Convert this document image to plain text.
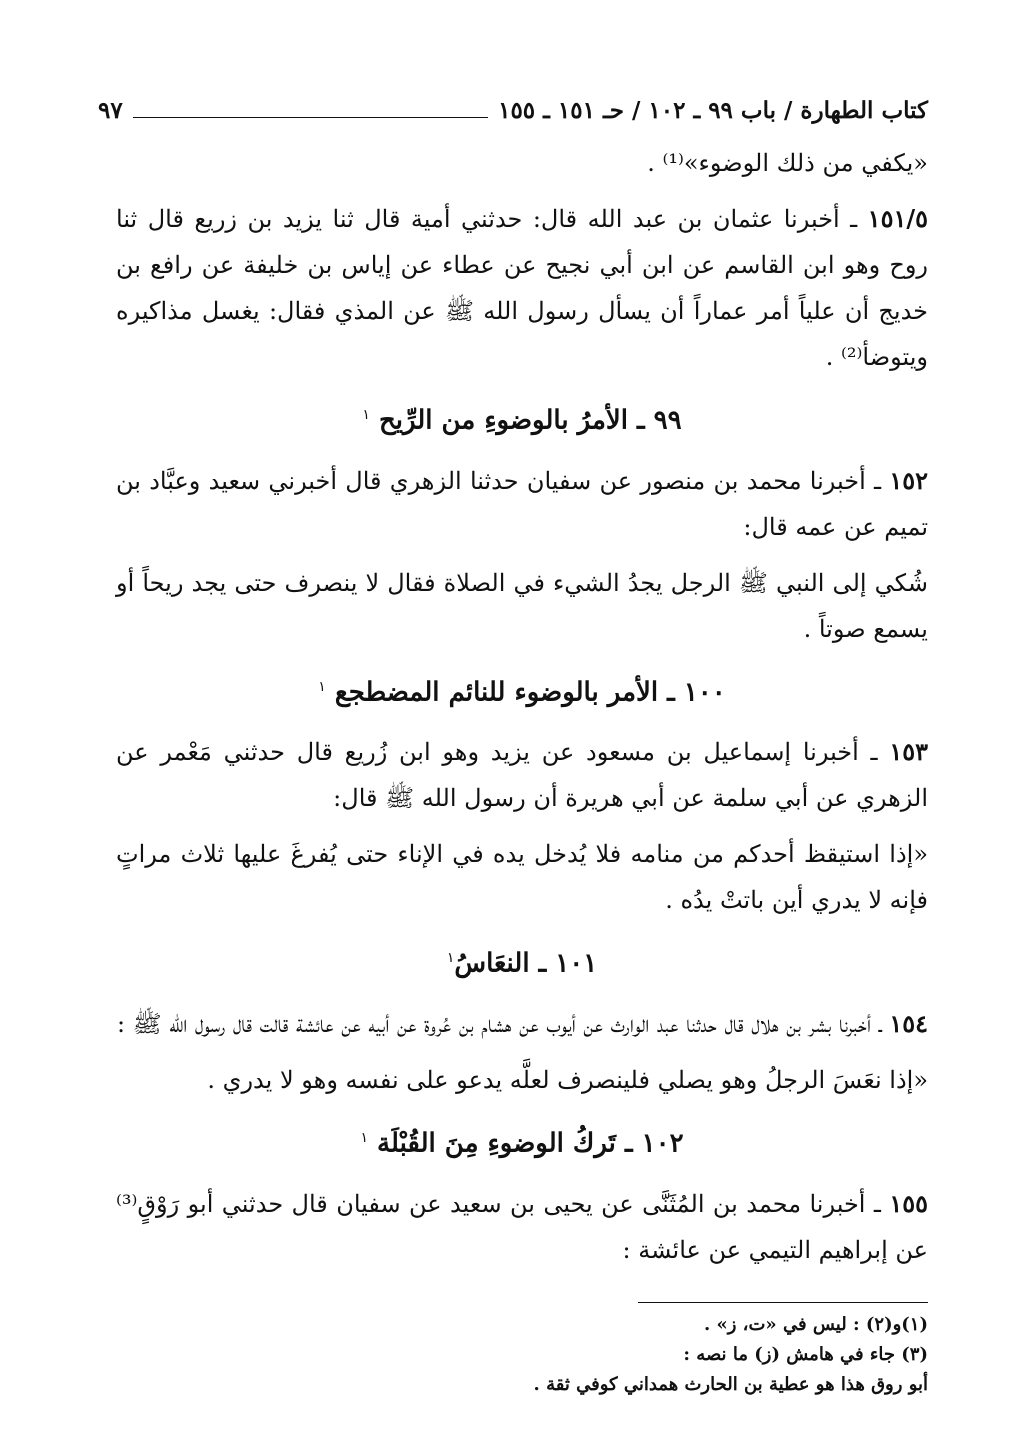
كتاب الطهارة / باب ٩٩ ـ ١٠٢ / حـ ١٥١ ـ ١٥٥
٩٧

«يكفي من ذلك الوضوء»⁽¹⁾ .

١٥١/٥ ـ أخبرنا عثمان بن عبد الله قال: حدثني أمية قال ثنا يزيد بن زريع قال ثنا روح وهو ابن القاسم عن ابن أبي نجيح عن عطاء عن إياس بن خليفة عن رافع بن خديج أن علياً أمر عماراً أن يسأل رسول الله ﷺ عن المذي فقال: يغسل مذاكيره ويتوضأ⁽²⁾ .

٩٩ ـ الأمرُ بالوضوءِ من الرِّيح $^١$

١٥٢ ـ أخبرنا محمد بن منصور عن سفيان حدثنا الزهري قال أخبرني سعيد وعبَّاد بن تميم عن عمه قال:

شُكي إلى النبي ﷺ الرجل يجدُ الشيء في الصلاة فقال لا ينصرف حتى يجد ريحاً أو يسمع صوتاً .

١٠٠ ـ الأمر بالوضوء للنائم المضطجع $^١$

١٥٣ ـ أخبرنا إسماعيل بن مسعود عن يزيد وهو ابن زُريع قال حدثني مَعْمر عن الزهري عن أبي سلمة عن أبي هريرة أن رسول الله ﷺ قال:

«إذا استيقظ أحدكم من منامه فلا يُدخل يده في الإناء حتى يُفرغَ عليها ثلاث مراتٍ فإنه لا يدري أين باتتْ يدُه .

١٠١ ـ النعَاسُ$^١$

١٥٤ ـ أخبرنا بشر بن هلال قال حدثنا عبد الوارث عن أيوب عن هشام بن عُروة عن أبيه عن عائشة قالت قال رسول الله ﷺ :

«إذا نعَسَ الرجلُ وهو يصلي فلينصرف لعلَّه يدعو على نفسه وهو لا يدري .

١٠٢ ـ تَركُ الوضوءِ مِنَ القُبْلَة $^١$

١٥٥ ـ أخبرنا محمد بن المُثَنَّى عن يحيى بن سعيد عن سفيان قال حدثني أبو رَوْقٍ⁽³⁾ عن إبراهيم التيمي عن عائشة :

(١)و(٢) : ليس في «ت، ز» .
(٣) جاء في هامش (ز) ما نصه :
أبو روق هذا هو عطية بن الحارث همداني كوفي ثقة .
